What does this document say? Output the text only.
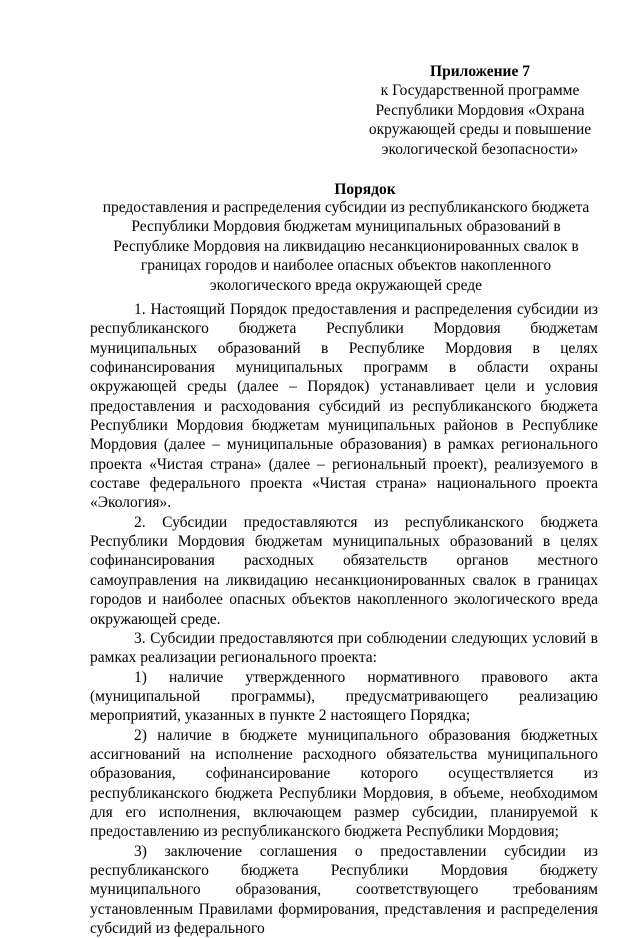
Приложение 7
к Государственной программе
Республики Мордовия «Охрана
окружающей среды и повышение
экологической безопасности»
Порядок
предоставления и распределения субсидии из республиканского бюджета Республики Мордовия бюджетам муниципальных образований в Республике Мордовия на ликвидацию несанкционированных свалок в границах городов и наиболее опасных объектов накопленного экологического вреда окружающей среде

1. Настоящий Порядок предоставления и распределения субсидии из республиканского бюджета Республики Мордовия бюджетам муниципальных образований в Республике Мордовия в целях софинансирования муниципальных программ в области охраны окружающей среды (далее – Порядок) устанавливает цели и условия предоставления и расходования субсидий из республиканского бюджета Республики Мордовия бюджетам муниципальных районов в Республике Мордовия (далее – муниципальные образования) в рамках регионального проекта «Чистая страна» (далее – региональный проект), реализуемого в составе федерального проекта «Чистая страна» национального проекта «Экология».

2. Субсидии предоставляются из республиканского бюджета Республики Мордовия бюджетам муниципальных образований в целях софинансирования расходных обязательств органов местного самоуправления на ликвидацию несанкционированных свалок в границах городов и наиболее опасных объектов накопленного экологического вреда окружающей среде.

3. Субсидии предоставляются при соблюдении следующих условий в рамках реализации регионального проекта:

1) наличие утвержденного нормативного правового акта (муниципальной программы), предусматривающего реализацию мероприятий, указанных в пункте 2 настоящего Порядка;

2) наличие в бюджете муниципального образования бюджетных ассигнований на исполнение расходного обязательства муниципального образования, софинансирование которого осуществляется из республиканского бюджета Республики Мордовия, в объеме, необходимом для его исполнения, включающем размер субсидии, планируемой к предоставлению из республиканского бюджета Республики Мордовия;

3) заключение соглашения о предоставлении субсидии из республиканского бюджета Республики Мордовия бюджету муниципального образования, соответствующего требованиям установленным Правилами формирования, представления и распределения субсидий из федерального
